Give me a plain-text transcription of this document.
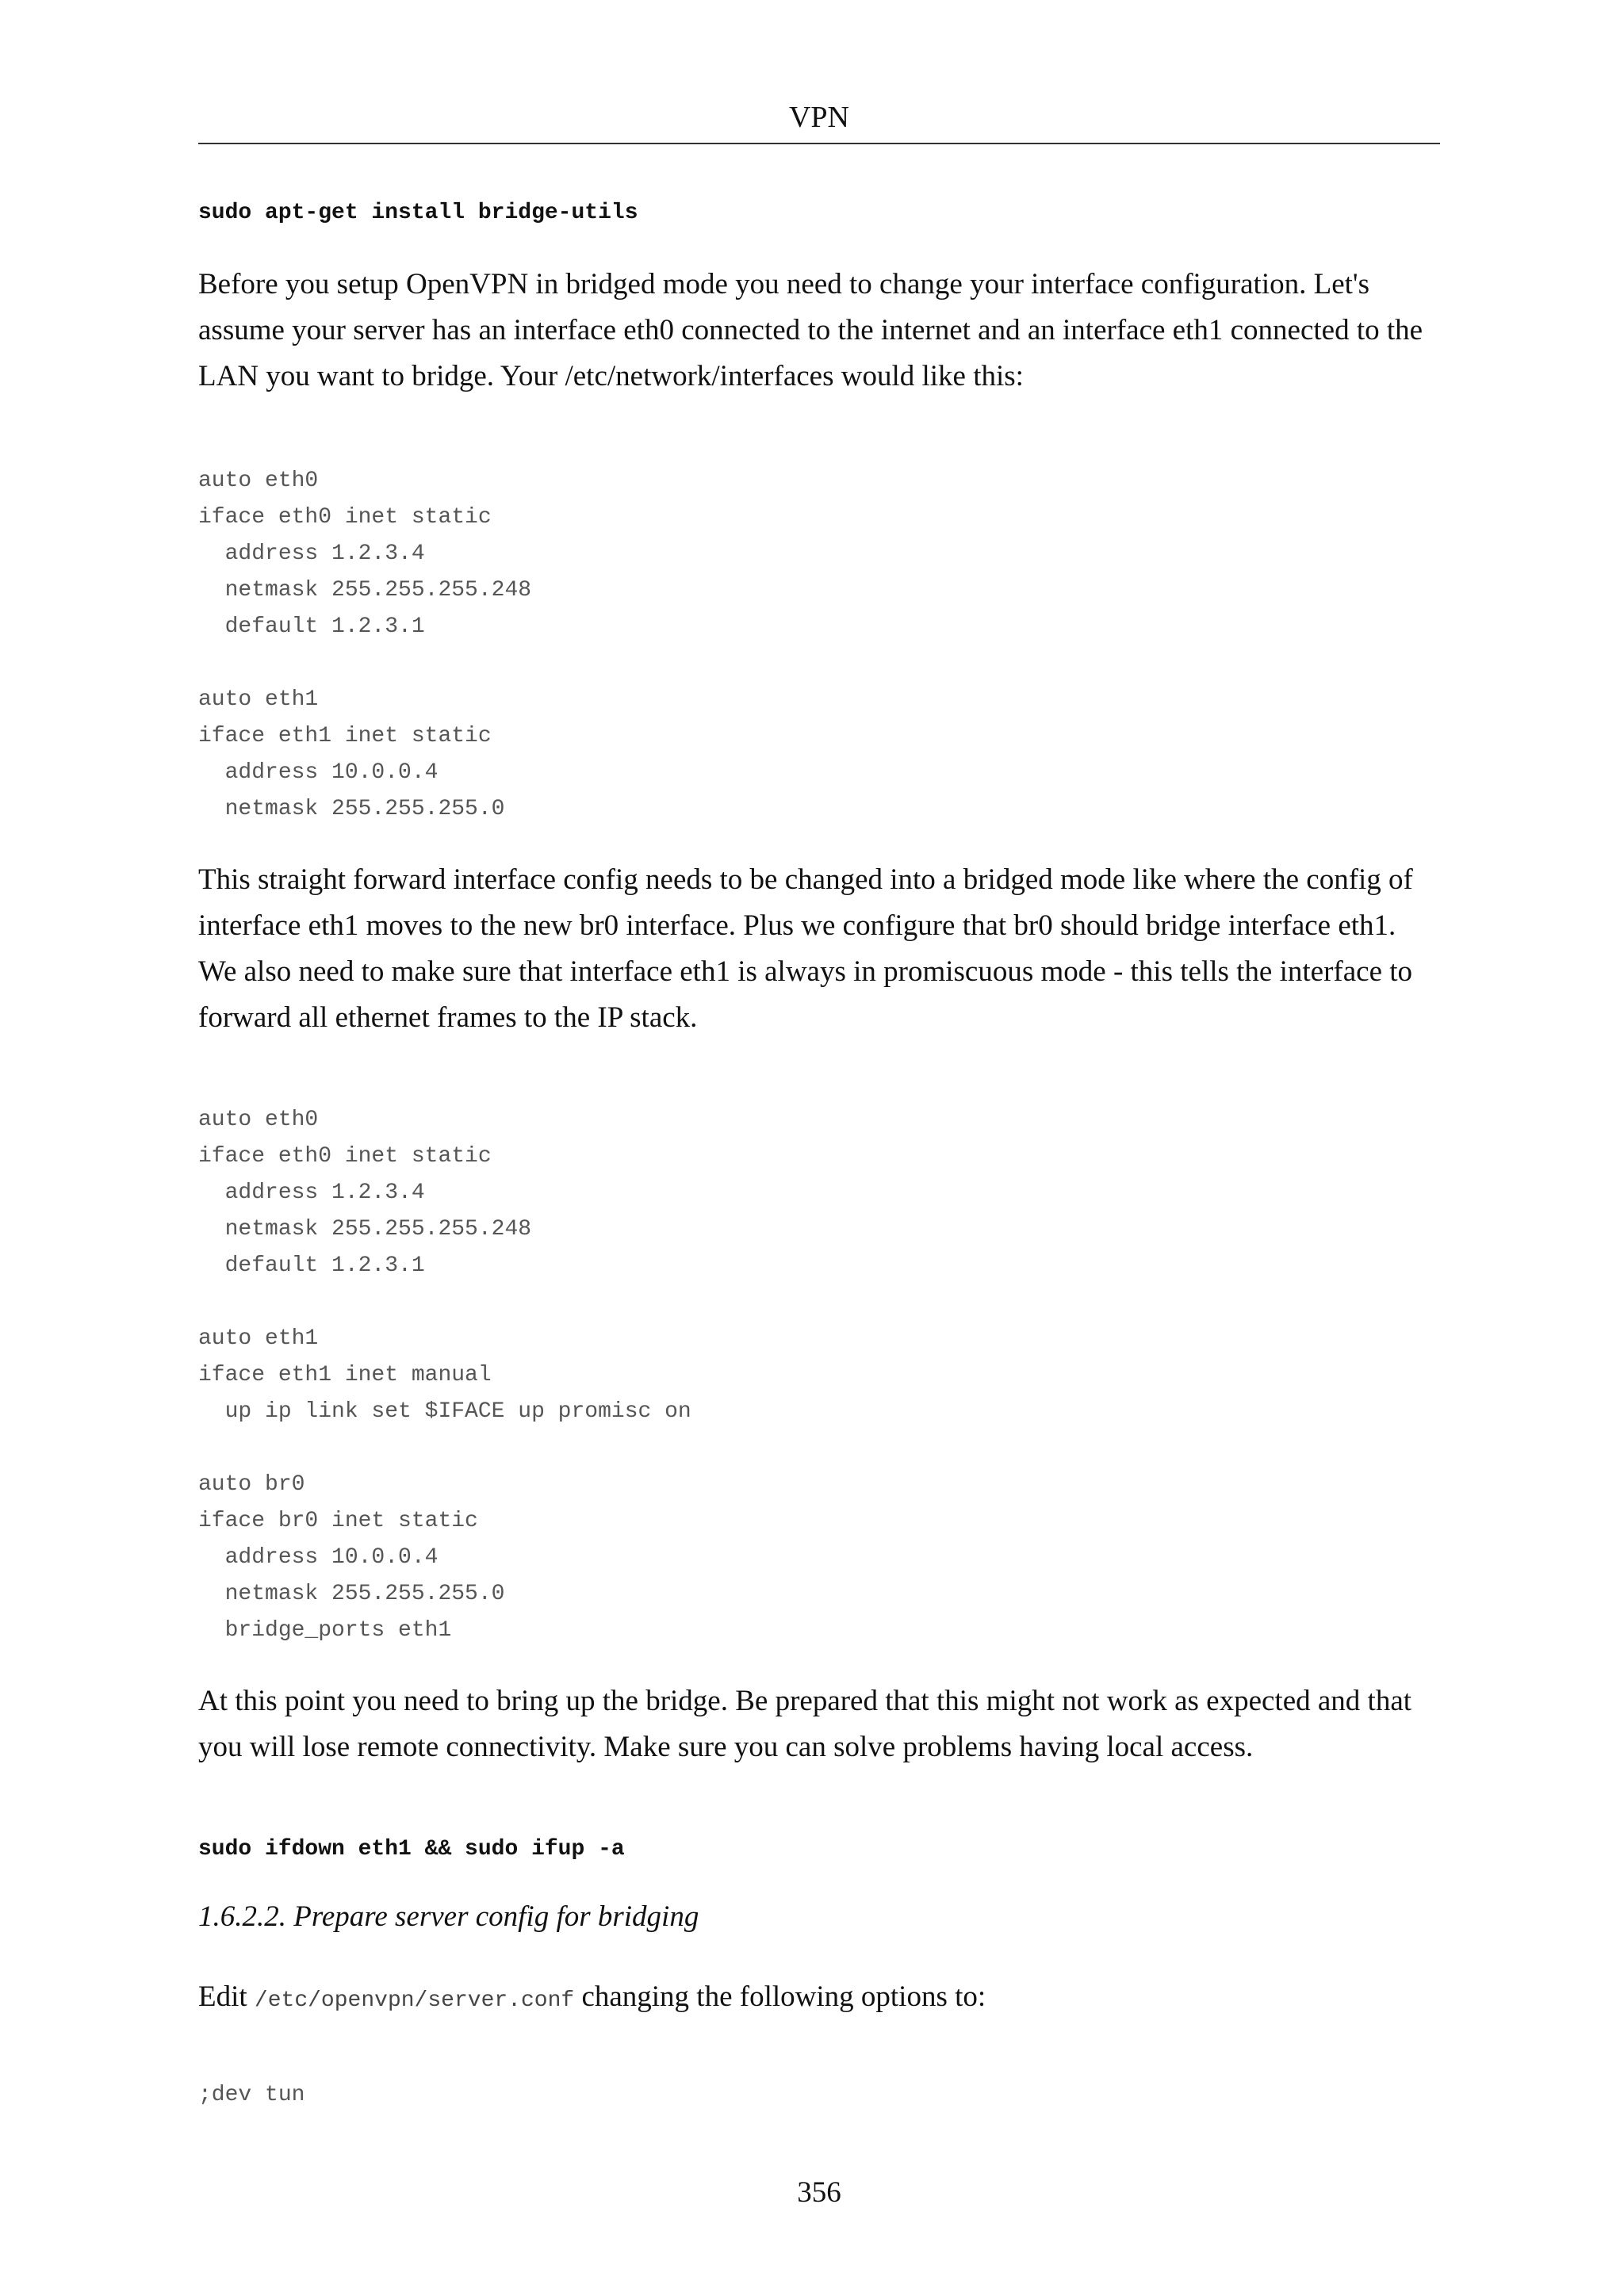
VPN
sudo apt-get install bridge-utils
Before you setup OpenVPN in bridged mode you need to change your interface configuration. Let's assume your server has an interface eth0 connected to the internet and an interface eth1 connected to the LAN you want to bridge. Your /etc/network/interfaces would like this:
auto eth0
iface eth0 inet static
address 1.2.3.4
netmask 255.255.255.248
default 1.2.3.1

auto eth1
iface eth1 inet static
address 10.0.0.4
netmask 255.255.255.0
This straight forward interface config needs to be changed into a bridged mode like where the config of interface eth1 moves to the new br0 interface. Plus we configure that br0 should bridge interface eth1. We also need to make sure that interface eth1 is always in promiscuous mode - this tells the interface to forward all ethernet frames to the IP stack.
auto eth0
iface eth0 inet static
address 1.2.3.4
netmask 255.255.255.248
default 1.2.3.1

auto eth1
iface eth1 inet manual
up ip link set $IFACE up promisc on

auto br0
iface br0 inet static
address 10.0.0.4
netmask 255.255.255.0
bridge_ports eth1
At this point you need to bring up the bridge. Be prepared that this might not work as expected and that you will lose remote connectivity. Make sure you can solve problems having local access.
sudo ifdown eth1 && sudo ifup -a
1.6.2.2. Prepare server config for bridging
Edit /etc/openvpn/server.conf changing the following options to:
;dev tun
356
